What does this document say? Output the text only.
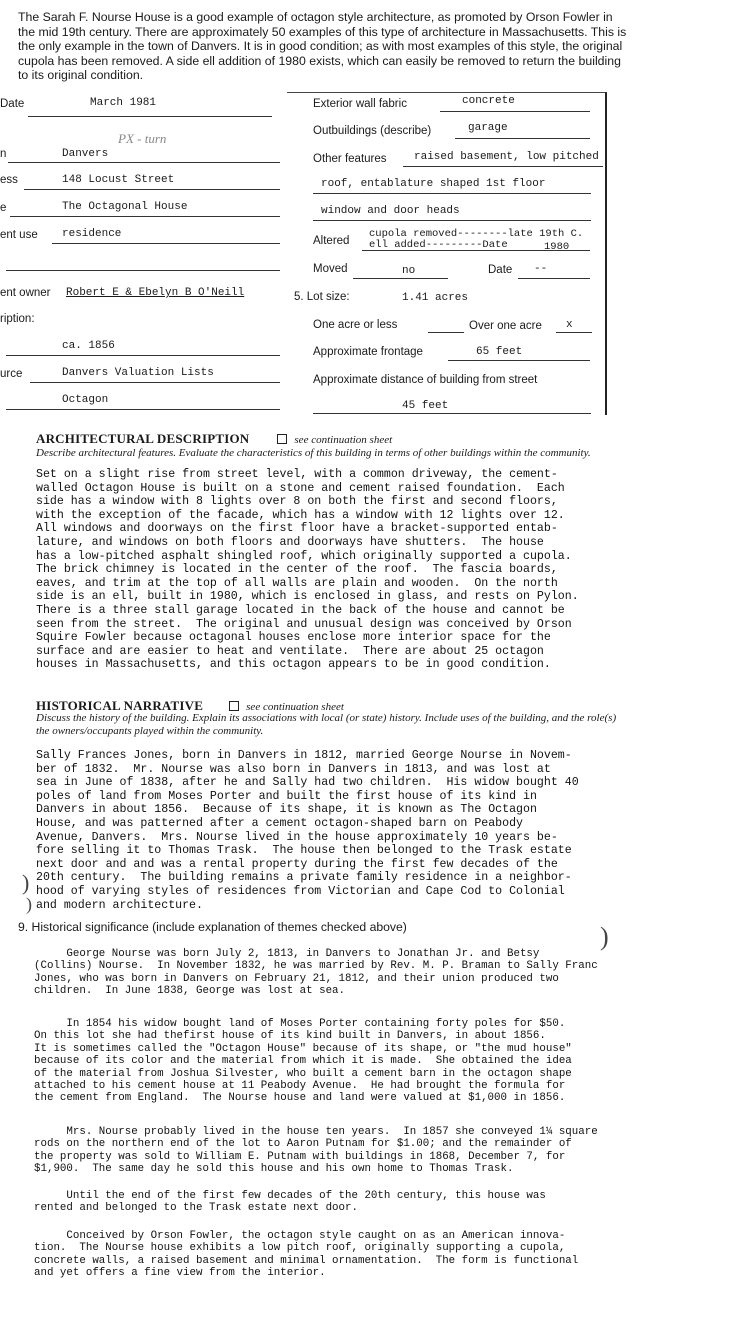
The Sarah F. Nourse House is a good example of octagon style architecture, as promoted by Orson Fowler in the mid 19th century. There are approximately 50 examples of this type of architecture in Massachusetts. This is the only example in the town of Danvers. It is in good condition; as with most examples of this style, the original cupola has been removed. A side ell addition of 1980 exists, which can easily be removed to return the building to its original condition.
Date	March 1981
PX - turn
n	Danvers
ess	148 Locust Street
e	The Octagonal House
ent use residence
ent owner Robert E & Ebelyn B O'Neill
ription:
ca. 1856
urce	Danvers Valuation Lists
Octagon
Exterior wall fabric	concrete
Outbuildings (describe)	garage
Other features raised basement, low pitched
roof, entablature shaped 1st floor
window and door heads
Altered
cupola removed--------late 19th C.
ell added---------Date	1980
Moved	no	Date --
5. Lot size:	1.41 acres
One acre or less	Over one acre x
Approximate frontage	65 feet
Approximate distance of building from street
45 feet
ARCHITECTURAL DESCRIPTION	see continuation sheet
Describe architectural features. Evaluate the characteristics of this building in terms of other buildings within the community.
Set on a slight rise from street level, with a common driveway, the cement-
walled Octagon House is built on a stone and cement raised foundation.  Each
side has a window with 8 lights over 8 on both the first and second floors,
with the exception of the facade, which has a window with 12 lights over 12.
All windows and doorways on the first floor have a bracket-supported entab-
lature, and windows on both floors and doorways have shutters.  The house
has a low-pitched asphalt shingled roof, which originally supported a cupola.
The brick chimney is located in the center of the roof.  The fascia boards,
eaves, and trim at the top of all walls are plain and wooden.  On the north
side is an ell, built in 1980, which is enclosed in glass, and rests on Pylon.
There is a three stall garage located in the back of the house and cannot be
seen from the street.  The original and unusual design was conceived by Orson
Squire Fowler because octagonal houses enclose more interior space for the
surface and are easier to heat and ventilate.  There are about 25 octagon
houses in Massachusetts, and this octagon appears to be in good condition.
HISTORICAL NARRATIVE	see continuation sheet
Discuss the history of the building. Explain its associations with local (or state) history. Include uses of the building, and the role(s)
the owners/occupants played within the community.
Sally Frances Jones, born in Danvers in 1812, married George Nourse in Novem-
ber of 1832.  Mr. Nourse was also born in Danvers in 1813, and was lost at
sea in June of 1838, after he and Sally had two children.  His widow bought 40
poles of land from Moses Porter and built the first house of its kind in
Danvers in about 1856.  Because of its shape, it is known as The Octagon
House, and was patterned after a cement octagon-shaped barn on Peabody
Avenue, Danvers.  Mrs. Nourse lived in the house approximately 10 years be-
fore selling it to Thomas Trask.  The house then belonged to the Trask estate
next door and and was a rental property during the first few decades of the
20th century.  The building remains a private family residence in a neighbor-
hood of varying styles of residences from Victorian and Cape Cod to Colonial
and modern architecture.
)
)
)
9. Historical significance (include explanation of themes checked above)
George Nourse was born July 2, 1813, in Danvers to Jonathan Jr. and Betsy
(Collins) Nourse.  In November 1832, he was married by Rev. M. P. Braman to Sally Franc
Jones, who was born in Danvers on February 21, 1812, and their union produced two
children.  In June 1838, George was lost at sea.
In 1854 his widow bought land of Moses Porter containing forty poles for $50.
On this lot she had thefirst house of its kind built in Danvers, in about 1856.
It is sometimes called the "Octagon House" because of its shape, or "the mud house"
because of its color and the material from which it is made.  She obtained the idea
of the material from Joshua Silvester, who built a cement barn in the octagon shape
attached to his cement house at 11 Peabody Avenue.  He had brought the formula for
the cement from England.  The Nourse house and land were valued at $1,000 in 1856.
Mrs. Nourse probably lived in the house ten years.  In 1857 she conveyed 1¼ square
rods on the northern end of the lot to Aaron Putnam for $1.00; and the remainder of
the property was sold to William E. Putnam with buildings in 1868, December 7, for
$1,900.  The same day he sold this house and his own home to Thomas Trask.
Until the end of the first few decades of the 20th century, this house was
rented and belonged to the Trask estate next door.
Conceived by Orson Fowler, the octagon style caught on as an American innova-
tion.  The Nourse house exhibits a low pitch roof, originally supporting a cupola,
concrete walls, a raised basement and minimal ornamentation.  The form is functional
and yet offers a fine view from the interior.
